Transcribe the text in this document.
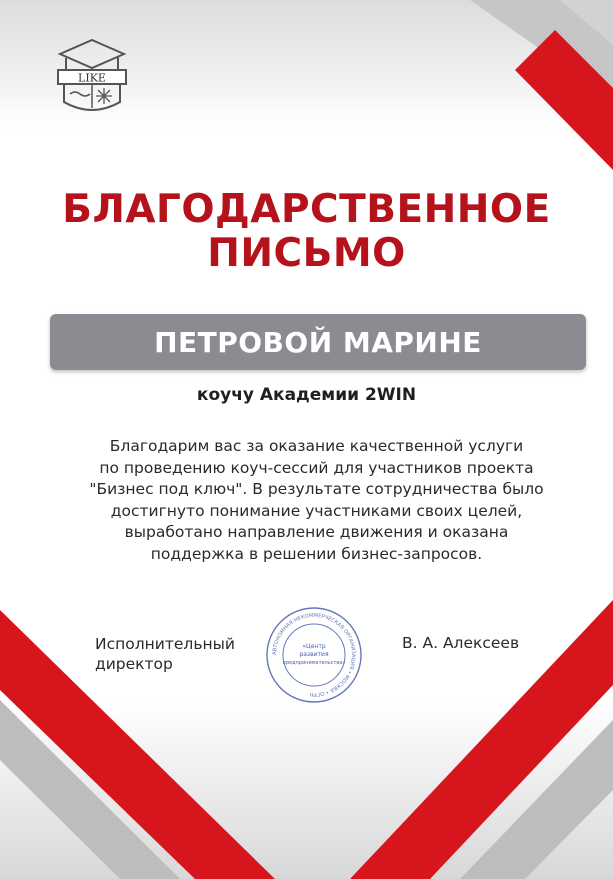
LIKE
БЛАГОДАРСТВЕННОЕ
ПИСЬМО
ПЕТРОВОЙ МАРИНЕ
коучу Академии 2WIN
Благодарим вас за оказание качественной услуги
по проведению коуч-сессий для участников проекта
"Бизнес под ключ". В результате сотрудничества было
достигнуто понимание участниками своих целей,
выработано направление движения и оказана
поддержка в решении бизнес-запросов.
Исполнительный
директор
В. А. Алексеев
АВТОНОМНАЯ НЕКОММЕРЧЕСКАЯ ОРГАНИЗАЦИЯ • МОСКВА • ОГРН
«Центр
развития
предпринимательства»
